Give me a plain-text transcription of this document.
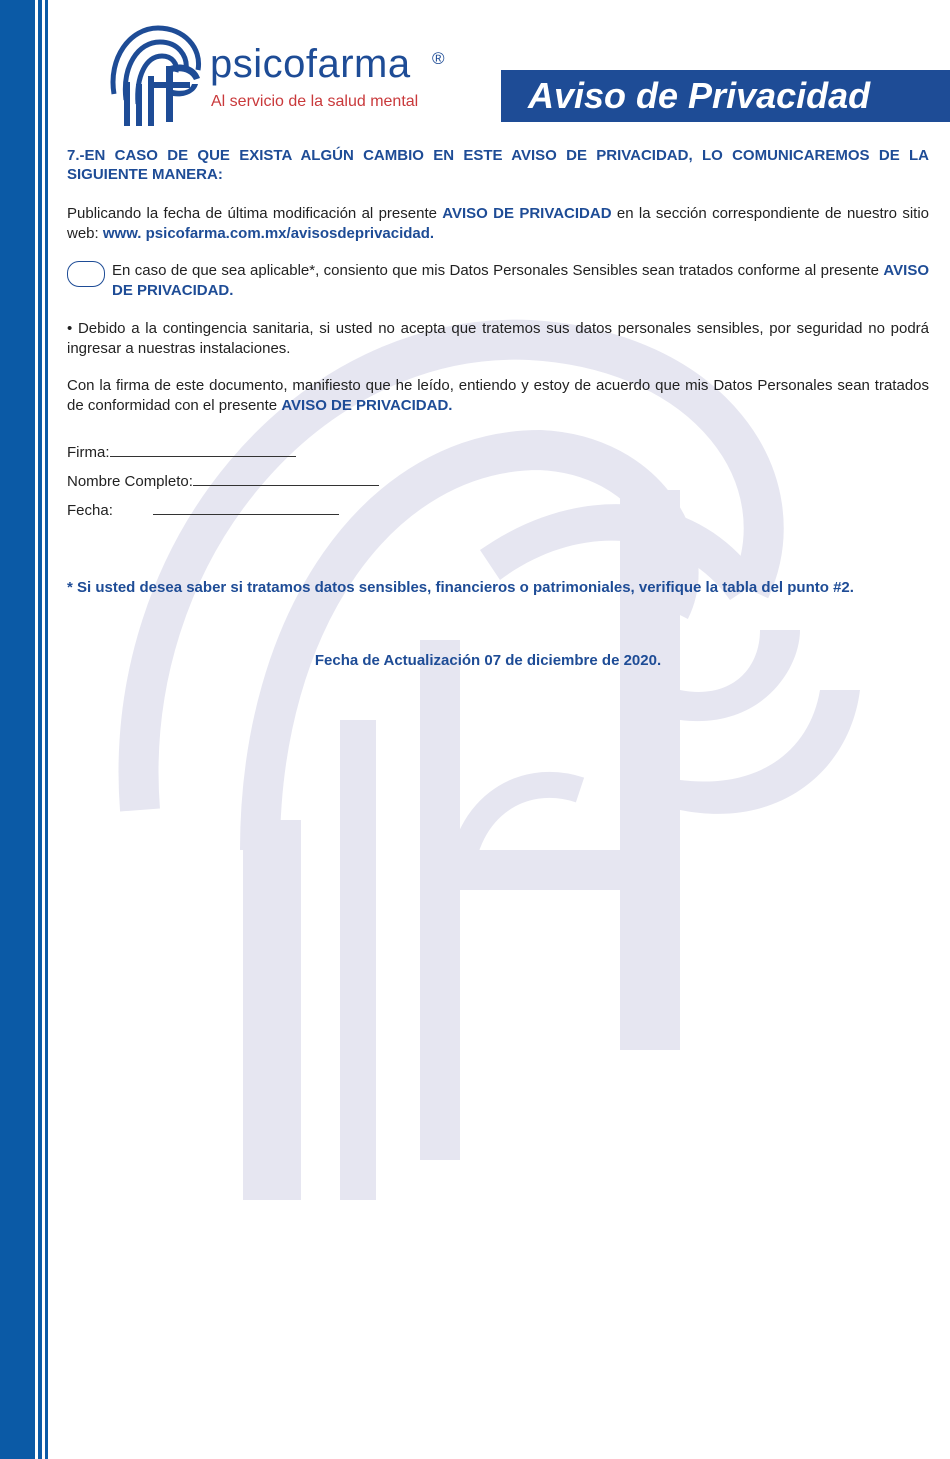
psicofarma ®
Al servicio de la salud mental	Aviso de Privacidad

7.-EN CASO DE QUE EXISTA ALGÚN CAMBIO EN ESTE AVISO DE PRIVACIDAD, LO COMUNICAREMOS DE LA SIGUIENTE MANERA:

Publicando la fecha de última modificación al presente AVISO DE PRIVACIDAD en la sección correspondiente de nuestro sitio web: www. psicofarma.com.mx/avisosdeprivacidad.

En caso de que sea aplicable*, consiento que mis Datos Personales Sensibles sean tratados conforme al presente AVISO DE PRIVACIDAD.

• Debido a la contingencia sanitaria, si usted no acepta que tratemos sus datos personales sensibles, por seguridad no podrá ingresar a nuestras instalaciones.

Con la firma de este documento, manifiesto que he leído, entiendo y estoy de acuerdo que mis Datos Personales sean tratados de conformidad con el presente AVISO DE PRIVACIDAD.

Firma:
Nombre Completo:
Fecha:

* Si usted desea saber si tratamos datos sensibles, financieros o patrimoniales, verifique la tabla del punto #2.

Fecha de Actualización 07 de diciembre de 2020.
